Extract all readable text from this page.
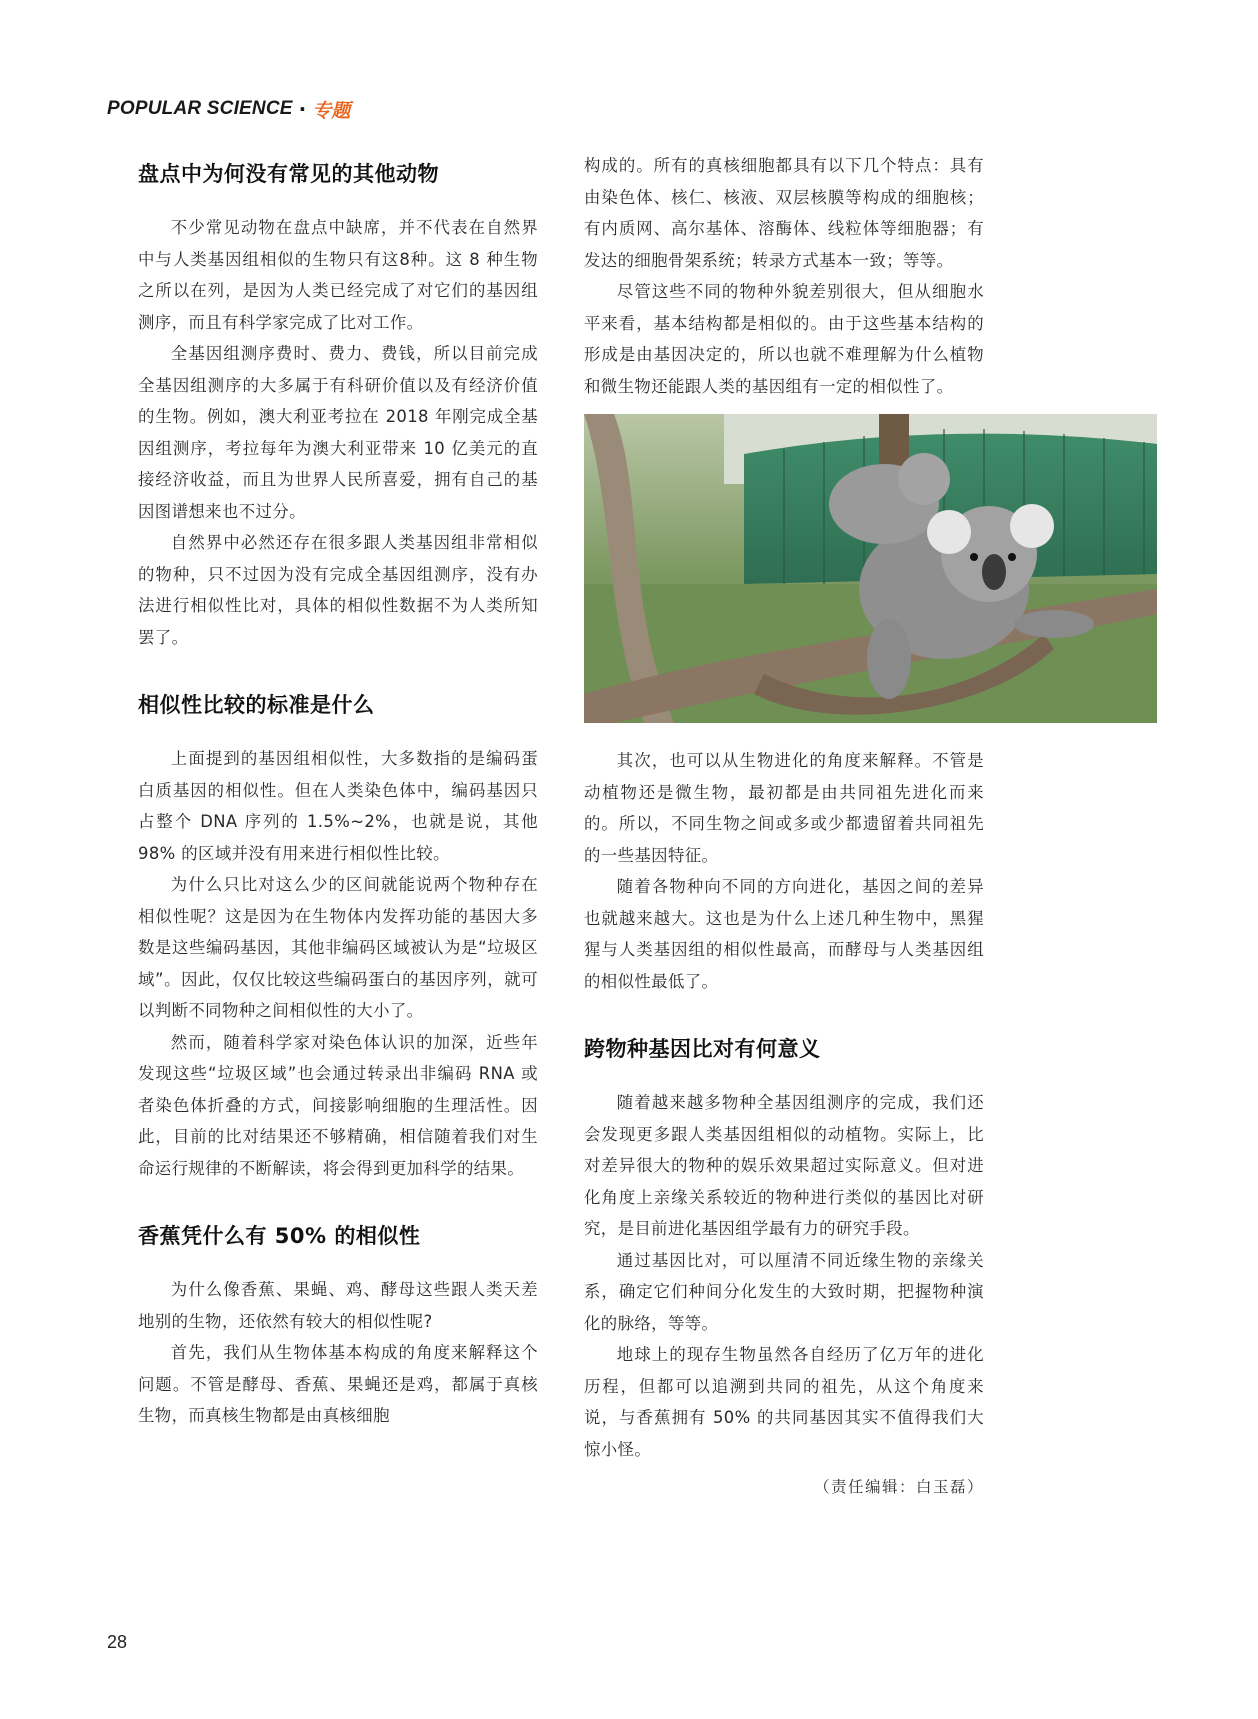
POPULAR SCIENCE · 专题
盘点中为何没有常见的其他动物

不少常见动物在盘点中缺席，并不代表在自然界中与人类基因组相似的生物只有这8种。这 8 种生物之所以在列，是因为人类已经完成了对它们的基因组测序，而且有科学家完成了比对工作。

全基因组测序费时、费力、费钱，所以目前完成全基因组测序的大多属于有科研价值以及有经济价值的生物。例如，澳大利亚考拉在 2018 年刚完成全基因组测序，考拉每年为澳大利亚带来 10 亿美元的直接经济收益，而且为世界人民所喜爱，拥有自己的基因图谱想来也不过分。

自然界中必然还存在很多跟人类基因组非常相似的物种，只不过因为没有完成全基因组测序，没有办法进行相似性比对，具体的相似性数据不为人类所知罢了。

相似性比较的标准是什么

上面提到的基因组相似性，大多数指的是编码蛋白质基因的相似性。但在人类染色体中，编码基因只占整个 DNA 序列的 1.5%~2%，也就是说，其他 98% 的区域并没有用来进行相似性比较。

为什么只比对这么少的区间就能说两个物种存在相似性呢？这是因为在生物体内发挥功能的基因大多数是这些编码基因，其他非编码区域被认为是“垃圾区域”。因此，仅仅比较这些编码蛋白的基因序列，就可以判断不同物种之间相似性的大小了。

然而，随着科学家对染色体认识的加深，近些年发现这些“垃圾区域”也会通过转录出非编码 RNA 或者染色体折叠的方式，间接影响细胞的生理活性。因此，目前的比对结果还不够精确，相信随着我们对生命运行规律的不断解读，将会得到更加科学的结果。

香蕉凭什么有 50% 的相似性

为什么像香蕉、果蝇、鸡、酵母这些跟人类天差地别的生物，还依然有较大的相似性呢?

首先，我们从生物体基本构成的角度来解释这个问题。不管是酵母、香蕉、果蝇还是鸡，都属于真核生物，而真核生物都是由真核细胞

构成的。所有的真核细胞都具有以下几个特点：具有由染色体、核仁、核液、双层核膜等构成的细胞核；有内质网、高尔基体、溶酶体、线粒体等细胞器；有发达的细胞骨架系统；转录方式基本一致；等等。

尽管这些不同的物种外貌差别很大，但从细胞水平来看，基本结构都是相似的。由于这些基本结构的形成是由基因决定的，所以也就不难理解为什么植物和微生物还能跟人类的基因组有一定的相似性了。

其次，也可以从生物进化的角度来解释。不管是动植物还是微生物，最初都是由共同祖先进化而来的。所以，不同生物之间或多或少都遗留着共同祖先的一些基因特征。

随着各物种向不同的方向进化，基因之间的差异也就越来越大。这也是为什么上述几种生物中，黑猩猩与人类基因组的相似性最高，而酵母与人类基因组的相似性最低了。

跨物种基因比对有何意义

随着越来越多物种全基因组测序的完成，我们还会发现更多跟人类基因组相似的动植物。实际上，比对差异很大的物种的娱乐效果超过实际意义。但对进化角度上亲缘关系较近的物种进行类似的基因比对研究，是目前进化基因组学最有力的研究手段。

通过基因比对，可以厘清不同近缘生物的亲缘关系，确定它们种间分化发生的大致时期，把握物种演化的脉络，等等。

地球上的现存生物虽然各自经历了亿万年的进化历程，但都可以追溯到共同的祖先，从这个角度来说，与香蕉拥有 50% 的共同基因其实不值得我们大惊小怪。

（责任编辑：白玉磊）
28
